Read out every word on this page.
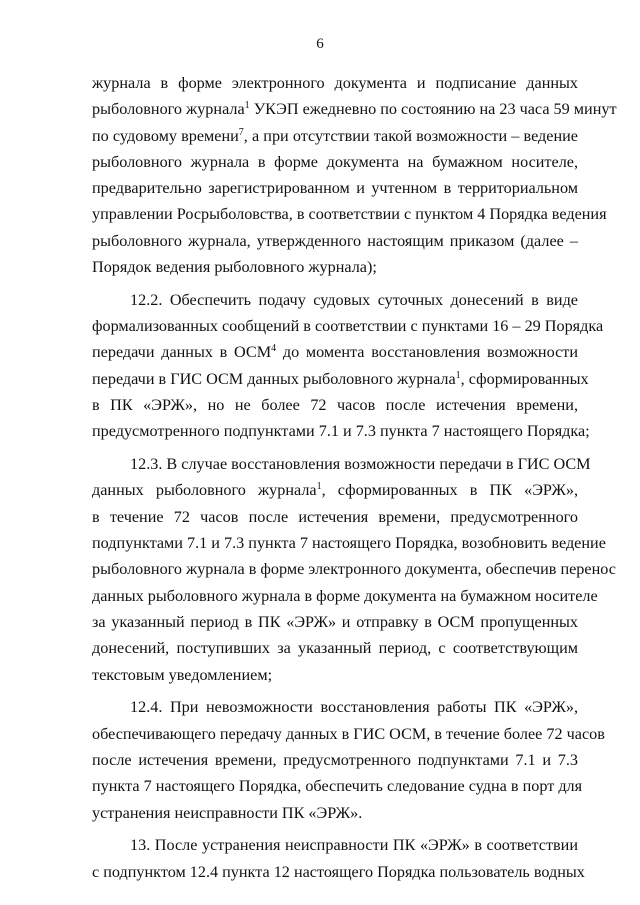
6
журнала в форме электронного документа и подписание данных
рыболовного журнала$^1$ УКЭП ежедневно по состоянию на 23 часа 59 минут
по судовому времени$^7$, а при отсутствии такой возможности – ведение
рыболовного журнала в форме документа на бумажном носителе,
предварительно зарегистрированном и учтенном в территориальном
управлении Росрыболовства, в соответствии с пунктом 4 Порядка ведения
рыболовного журнала, утвержденного настоящим приказом (далее –
Порядок ведения рыболовного журнала);
12.2. Обеспечить подачу судовых суточных донесений в виде
формализованных сообщений в соответствии с пунктами 16 – 29 Порядка
передачи данных в ОСМ$^4$ до момента восстановления возможности
передачи в ГИС ОСМ данных рыболовного журнала$^1$, сформированных
в ПК «ЭРЖ», но не более 72 часов после истечения времени,
предусмотренного подпунктами 7.1 и 7.3 пункта 7 настоящего Порядка;
12.3. В случае восстановления возможности передачи в ГИС ОСМ
данных рыболовного журнала$^1$, сформированных в ПК «ЭРЖ»,
в течение 72 часов после истечения времени, предусмотренного
подпунктами 7.1 и 7.3 пункта 7 настоящего Порядка, возобновить ведение
рыболовного журнала в форме электронного документа, обеспечив перенос
данных рыболовного журнала в форме документа на бумажном носителе
за указанный период в ПК «ЭРЖ» и отправку в ОСМ пропущенных
донесений, поступивших за указанный период, с соответствующим
текстовым уведомлением;
12.4. При невозможности восстановления работы ПК «ЭРЖ»,
обеспечивающего передачу данных в ГИС ОСМ, в течение более 72 часов
после истечения времени, предусмотренного подпунктами 7.1 и 7.3
пункта 7 настоящего Порядка, обеспечить следование судна в порт для
устранения неисправности ПК «ЭРЖ».
13. После устранения неисправности ПК «ЭРЖ» в соответствии
с подпунктом 12.4 пункта 12 настоящего Порядка пользователь водных
